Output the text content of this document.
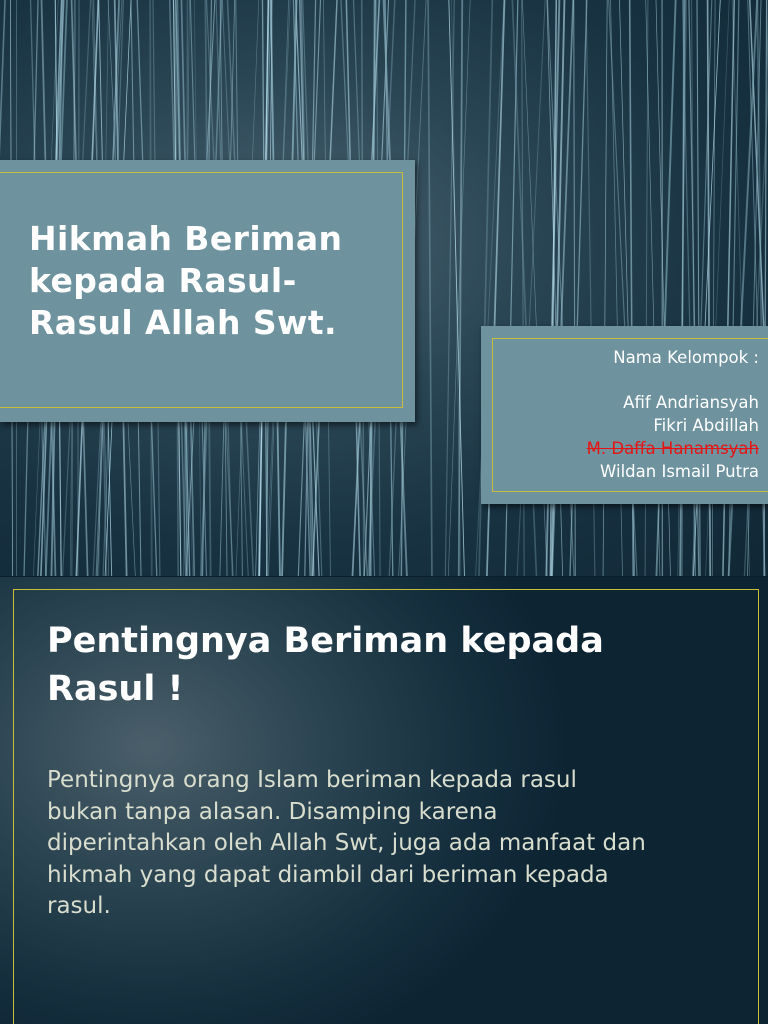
Hikmah Beriman
kepada Rasul-
Rasul Allah Swt.
Nama Kelompok :
Afif Andriansyah
Fikri Abdillah
M. Daffa Hanamsyah
Wildan Ismail Putra
Pentingnya Beriman kepada
Rasul !
Pentingnya orang Islam beriman kepada rasul
bukan tanpa alasan. Disamping karena
diperintahkan oleh Allah Swt, juga ada manfaat dan
hikmah yang dapat diambil dari beriman kepada
rasul.
